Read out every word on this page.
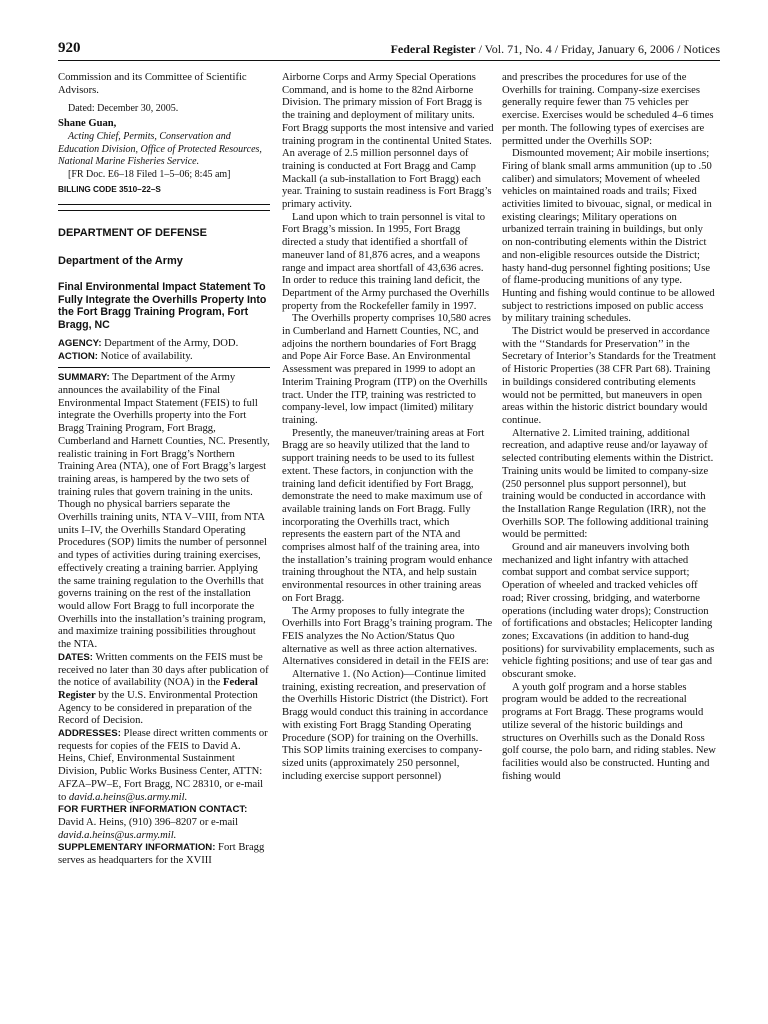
920	Federal Register / Vol. 71, No. 4 / Friday, January 6, 2006 / Notices

Commission and its Committee of Scientific Advisors.

Dated: December 30, 2005.

Shane Guan,

Acting Chief, Permits, Conservation and Education Division, Office of Protected Resources, National Marine Fisheries Service.

[FR Doc. E6–18 Filed 1–5–06; 8:45 am]

BILLING CODE 3510–22–S

DEPARTMENT OF DEFENSE

Department of the Army

Final Environmental Impact Statement To Fully Integrate the Overhills Property Into the Fort Bragg Training Program, Fort Bragg, NC

AGENCY: Department of the Army, DOD.

ACTION: Notice of availability.

SUMMARY: The Department of the Army announces the availability of the Final Environmental Impact Statement (FEIS) to full integrate the Overhills property into the Fort Bragg Training Program, Fort Bragg, Cumberland and Harnett Counties, NC. Presently, realistic training in Fort Bragg’s Northern Training Area (NTA), one of Fort Bragg’s largest training areas, is hampered by the two sets of training rules that govern training in the units. Though no physical barriers separate the Overhills training units, NTA V–VIII, from NTA units I–IV, the Overhills Standard Operating Procedures (SOP) limits the number of personnel and types of activities during training exercises, effectively creating a training barrier. Applying the same training regulation to the Overhills that governs training on the rest of the installation would allow Fort Bragg to full incorporate the Overhills into the installation’s training program, and maximize training possibilities throughout the NTA.

DATES: Written comments on the FEIS must be received no later than 30 days after publication of the notice of availability (NOA) in the Federal Register by the U.S. Environmental Protection Agency to be considered in preparation of the Record of Decision.

ADDRESSES: Please direct written comments or requests for copies of the FEIS to David A. Heins, Chief, Environmental Sustainment Division, Public Works Business Center, ATTN: AFZA–PW–E, Fort Bragg, NC 28310, or e-mail to david.a.heins@us.army.mil.

FOR FURTHER INFORMATION CONTACT:
David A. Heins, (910) 396–8207 or e-mail david.a.heins@us.army.mil.

SUPPLEMENTARY INFORMATION: Fort Bragg serves as headquarters for the XVIII

Airborne Corps and Army Special Operations Command, and is home to the 82nd Airborne Division. The primary mission of Fort Bragg is the training and deployment of military units. Fort Bragg supports the most intensive and varied training program in the continental United States. An average of 2.5 million personnel days of training is conducted at Fort Bragg and Camp Mackall (a sub-installation to Fort Bragg) each year. Training to sustain readiness is Fort Bragg’s primary activity.

Land upon which to train personnel is vital to Fort Bragg’s mission. In 1995, Fort Bragg directed a study that identified a shortfall of maneuver land of 81,876 acres, and a weapons range and impact area shortfall of 43,636 acres. In order to reduce this training land deficit, the Department of the Army purchased the Overhills property from the Rockefeller family in 1997.

The Overhills property comprises 10,580 acres in Cumberland and Harnett Counties, NC, and adjoins the northern boundaries of Fort Bragg and Pope Air Force Base. An Environmental Assessment was prepared in 1999 to adopt an Interim Training Program (ITP) on the Overhills tract. Under the ITP, training was restricted to company-level, low impact (limited) military training.

Presently, the maneuver/training areas at Fort Bragg are so heavily utilized that the land to support training needs to be used to its fullest extent. These factors, in conjunction with the training land deficit identified by Fort Bragg, demonstrate the need to make maximum use of available training lands on Fort Bragg. Fully incorporating the Overhills tract, which represents the eastern part of the NTA and comprises almost half of the training area, into the installation’s training program would enhance training throughout the NTA, and help sustain environmental resources in other training areas on Fort Bragg.

The Army proposes to fully integrate the Overhills into Fort Bragg’s training program. The FEIS analyzes the No Action/Status Quo alternative as well as three action alternatives. Alternatives considered in detail in the FEIS are:

Alternative 1. (No Action)—Continue limited training, existing recreation, and preservation of the Overhills Historic District (the District). Fort Bragg would conduct this training in accordance with existing Fort Bragg Standing Operating Procedure (SOP) for training on the Overhills. This SOP limits training exercises to company-sized units (approximately 250 personnel, including exercise support personnel)

and prescribes the procedures for use of the Overhills for training. Company-size exercises generally require fewer than 75 vehicles per exercise. Exercises would be scheduled 4–6 times per month. The following types of exercises are permitted under the Overhills SOP:

Dismounted movement; Air mobile insertions; Firing of blank small arms ammunition (up to .50 caliber) and simulators; Movement of wheeled vehicles on maintained roads and trails; Fixed activities limited to bivouac, signal, or medical in existing clearings; Military operations on urbanized terrain training in buildings, but only on non-contributing elements within the District and non-eligible resources outside the District; hasty hand-dug personnel fighting positions; Use of flame-producing munitions of any type. Hunting and fishing would continue to be allowed subject to restrictions imposed on public access by military training schedules.

The District would be preserved in accordance with the ‘‘Standards for Preservation’’ in the Secretary of Interior’s Standards for the Treatment of Historic Properties (38 CFR Part 68). Training in buildings considered contributing elements would not be permitted, but maneuvers in open areas within the historic district boundary would continue.

Alternative 2. Limited training, additional recreation, and adaptive reuse and/or layaway of selected contributing elements within the District. Training units would be limited to company-size (250 personnel plus support personnel), but training would be conducted in accordance with the Installation Range Regulation (IRR), not the Overhills SOP. The following additional training would be permitted:

Ground and air maneuvers involving both mechanized and light infantry with attached combat support and combat service support; Operation of wheeled and tracked vehicles off road; River crossing, bridging, and waterborne operations (including water drops); Construction of fortifications and obstacles; Helicopter landing zones; Excavations (in addition to hand-dug positions) for survivability emplacements, such as vehicle fighting positions; and use of tear gas and obscurant smoke.

A youth golf program and a horse stables program would be added to the recreational programs at Fort Bragg. These programs would utilize several of the historic buildings and structures on Overhills such as the Donald Ross golf course, the polo barn, and riding stables. New facilities would also be constructed. Hunting and fishing would
